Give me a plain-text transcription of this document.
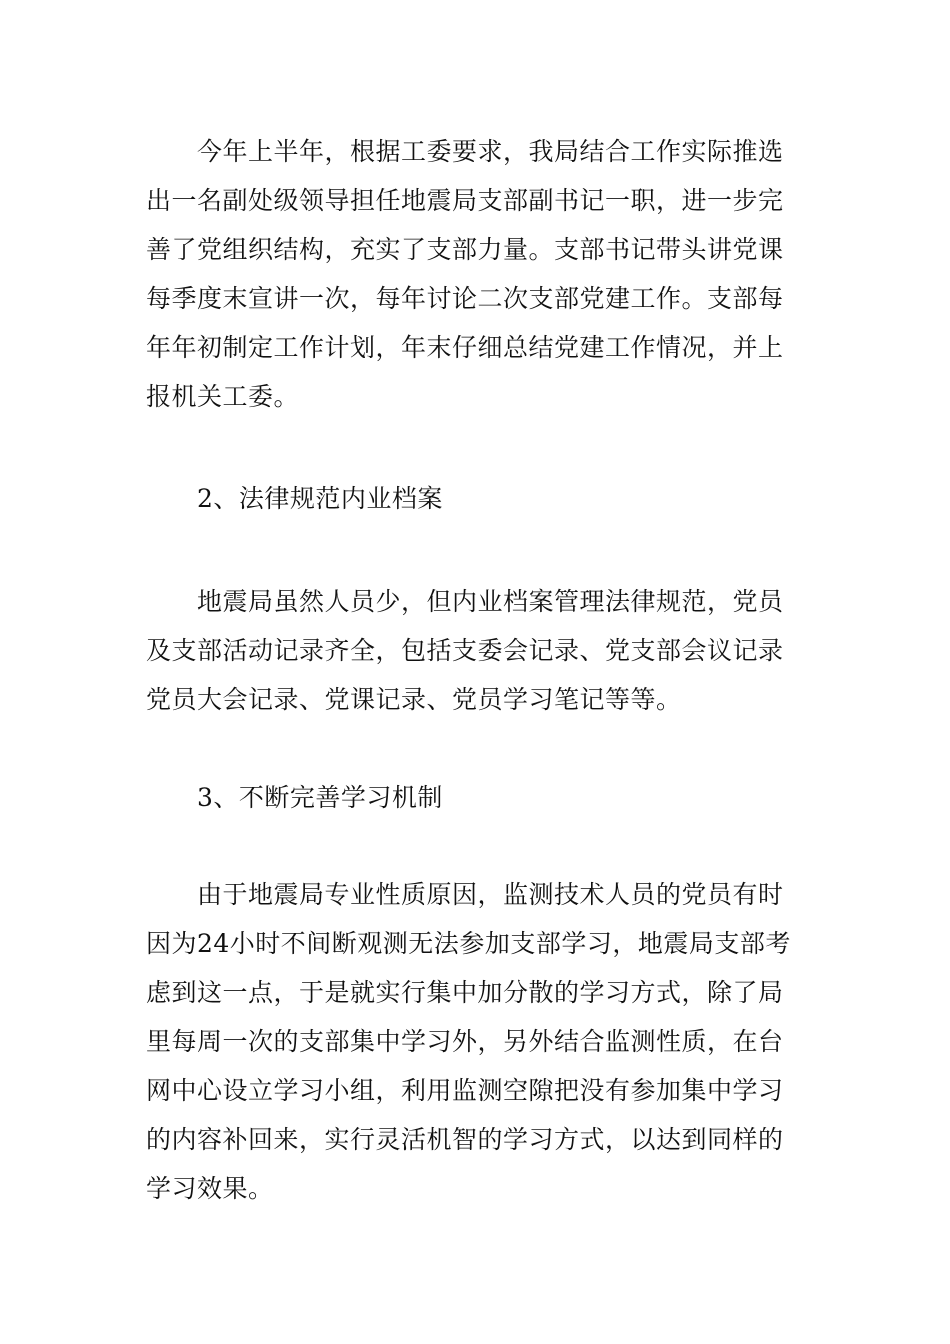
　　今年上半年，根据工委要求，我局结合工作实际推选
出一名副处级领导担任地震局支部副书记一职，进一步完
善了党组织结构，充实了支部力量。支部书记带头讲党课
每季度末宣讲一次，每年讨论二次支部党建工作。支部每
年年初制定工作计划，年末仔细总结党建工作情况，并上
报机关工委。

　　2、法律规范内业档案

　　地震局虽然人员少，但内业档案管理法律规范，党员
及支部活动记录齐全，包括支委会记录、党支部会议记录
党员大会记录、党课记录、党员学习笔记等等。

　　3、不断完善学习机制

　　由于地震局专业性质原因，监测技术人员的党员有时
因为24小时不间断观测无法参加支部学习，地震局支部考
虑到这一点，于是就实行集中加分散的学习方式，除了局
里每周一次的支部集中学习外，另外结合监测性质，在台
网中心设立学习小组，利用监测空隙把没有参加集中学习
的内容补回来，实行灵活机智的学习方式，以达到同样的
学习效果。
